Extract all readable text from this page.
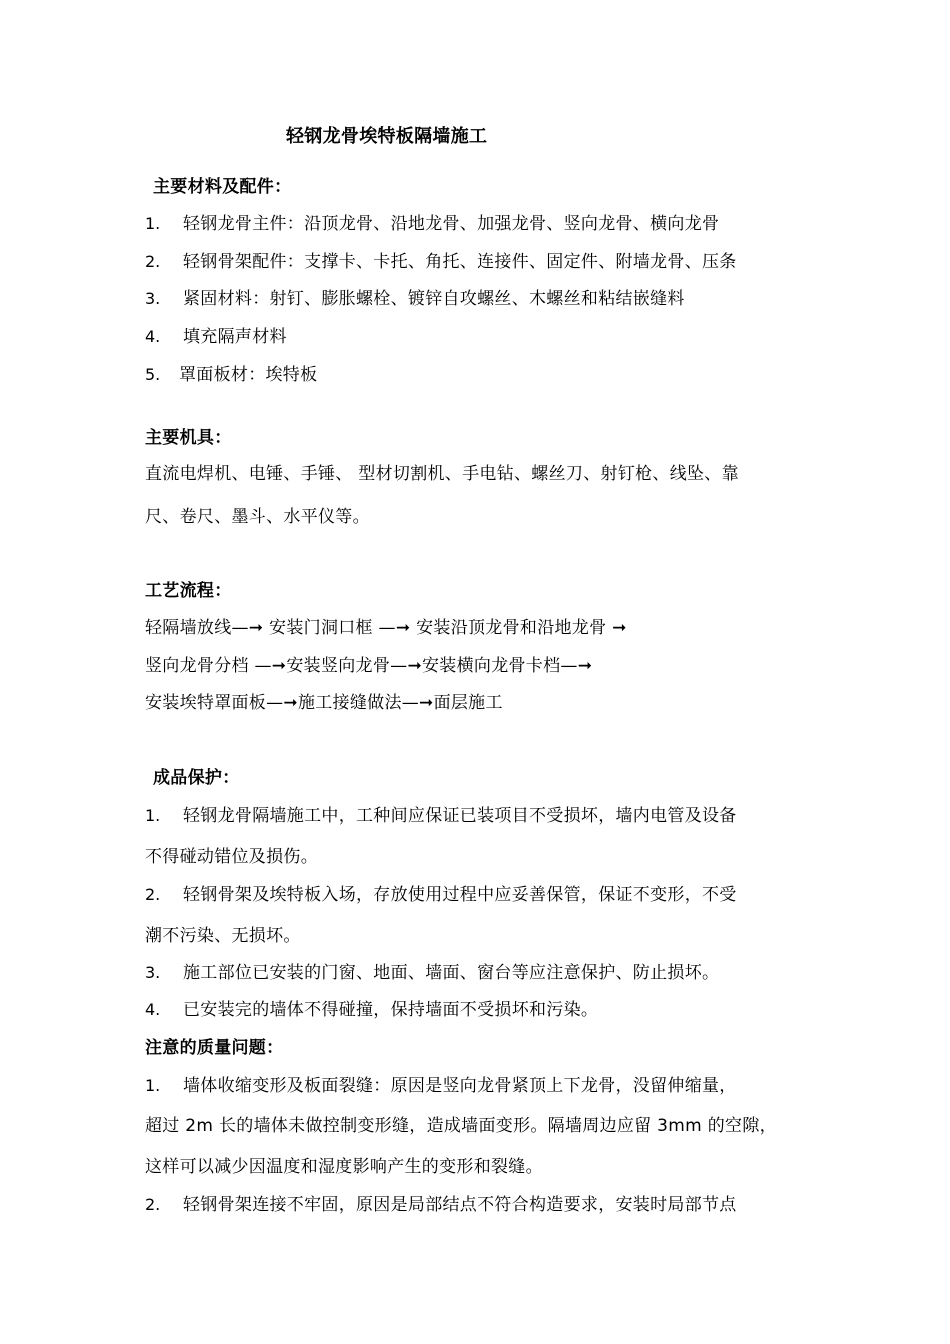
轻钢龙骨埃特板隔墙施工
主要材料及配件：
1. 轻钢龙骨主件：沿顶龙骨、沿地龙骨、加强龙骨、竖向龙骨、横向龙骨
2. 轻钢骨架配件：支撑卡、卡托、角托、连接件、固定件、附墙龙骨、压条
3. 紧固材料：射钉、膨胀螺栓、镀锌自攻螺丝、木螺丝和粘结嵌缝料
4. 填充隔声材料
5. 罩面板材：埃特板
主要机具：
直流电焊机、电锤、手锤、 型材切割机、手电钻、螺丝刀、射钉枪、线坠、靠
尺、卷尺、墨斗、水平仪等。
工艺流程：
轻隔墙放线—➞ 安装门洞口框 —➞ 安装沿顶龙骨和沿地龙骨 ➞
竖向龙骨分档 —➞安装竖向龙骨—➞安装横向龙骨卡档—➞
安装埃特罩面板—➞施工接缝做法—➞面层施工
成品保护：
1. 轻钢龙骨隔墙施工中，工种间应保证已装项目不受损坏，墙内电管及设备
不得碰动错位及损伤。
2. 轻钢骨架及埃特板入场，存放使用过程中应妥善保管，保证不变形，不受
潮不污染、无损坏。
3. 施工部位已安装的门窗、地面、墙面、窗台等应注意保护、防止损坏。
4. 已安装完的墙体不得碰撞，保持墙面不受损坏和污染。
注意的质量问题：
1. 墙体收缩变形及板面裂缝：原因是竖向龙骨紧顶上下龙骨，没留伸缩量，
超过 2m 长的墙体未做控制变形缝，造成墙面变形。隔墙周边应留 3mm 的空隙，
这样可以减少因温度和湿度影响产生的变形和裂缝。
2. 轻钢骨架连接不牢固，原因是局部结点不符合构造要求，安装时局部节点
